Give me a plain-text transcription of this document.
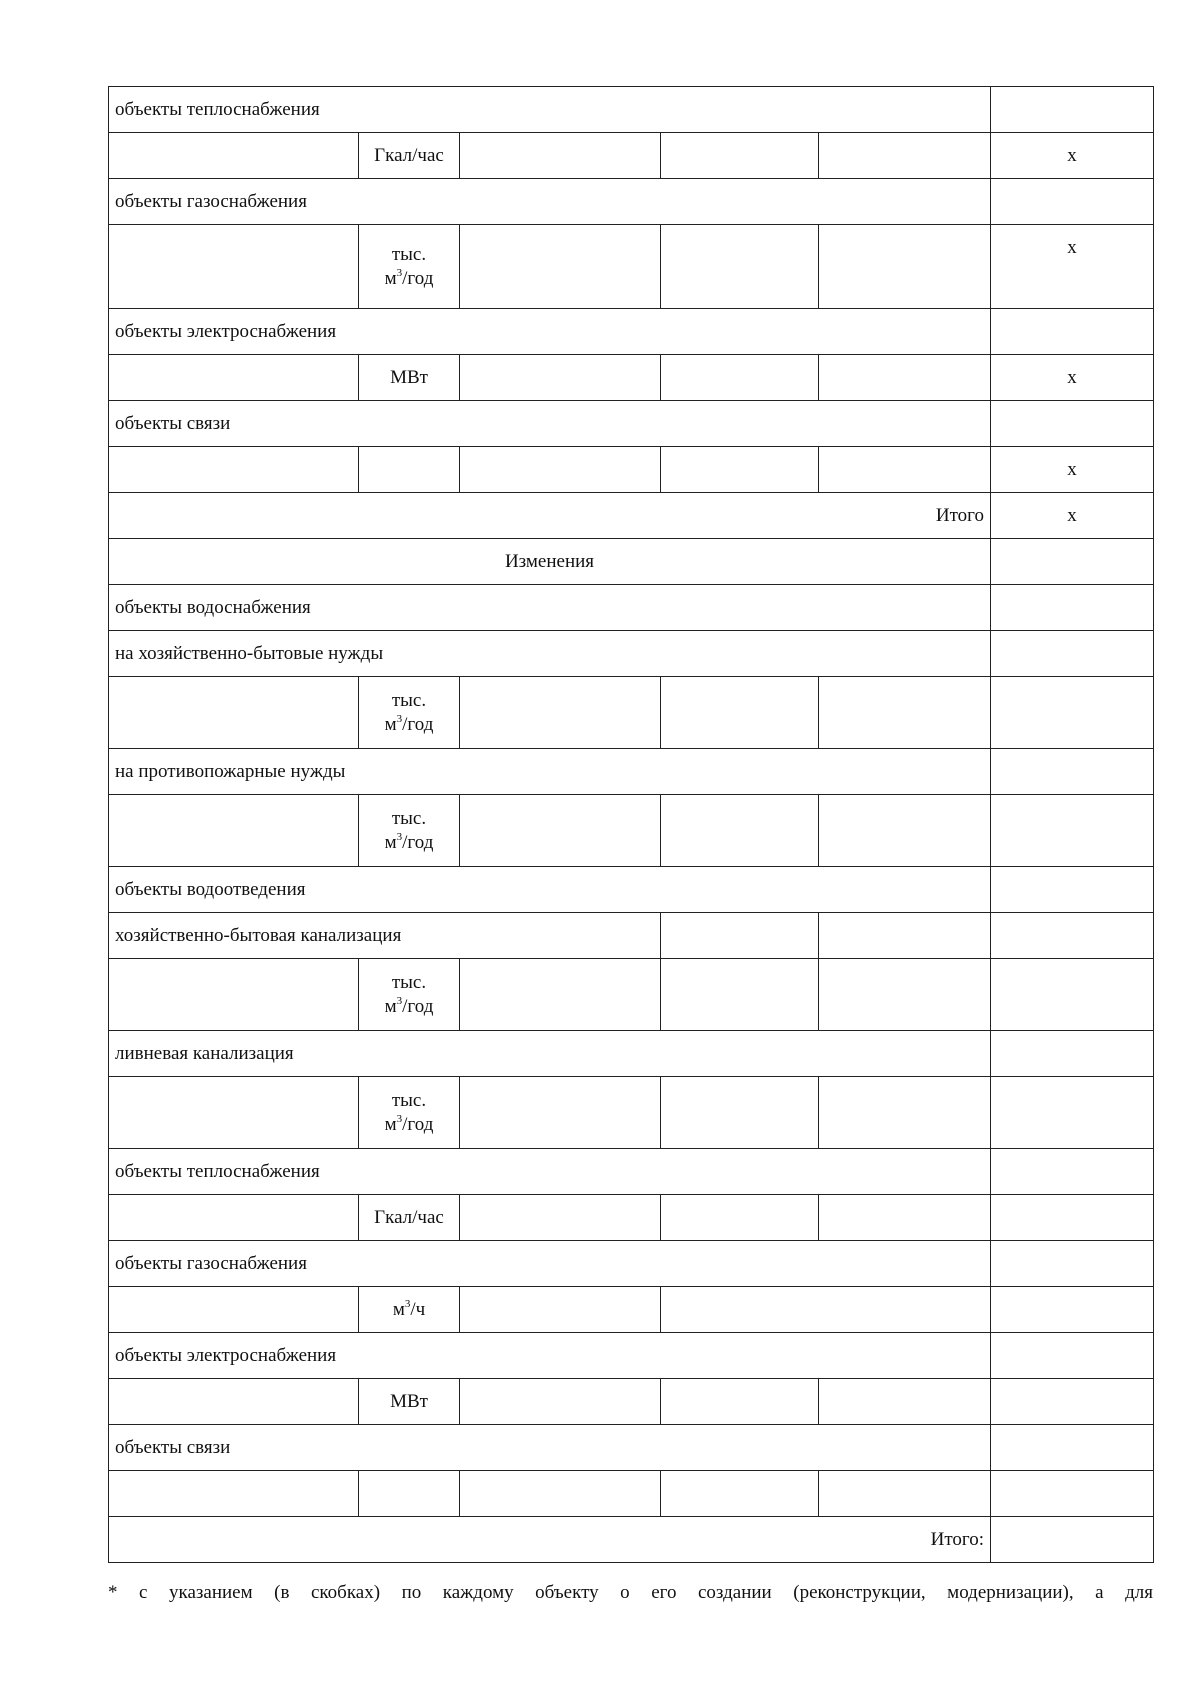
объекты теплоснабжения					
	Гкал/час				х
объекты газоснабжения					

	тыс.
$м^3$/год				х
объекты электроснабжения					
	МВт				х
объекты связи					
					х
Итого					х
Изменения					
объекты водоснабжения					
на хозяйственно-бытовые нужды					

	тыс.
$м^3$/год				

на противопожарные нужды					

	тыс.
$м^3$/год				

объекты водоотведения					
хозяйственно-бытовая канализация					

	тыс.
$м^3$/год				

ливневая канализация					

	тыс.
$м^3$/год				

объекты теплоснабжения					
	Гкал/час				
объекты газоснабжения					
	$м^3/ч$				
объекты электроснабжения					
	МВт				
объекты связи					

Итого:					
* с указанием (в скобках) по каждому объекту о его создании (реконструкции, модернизации), а для
